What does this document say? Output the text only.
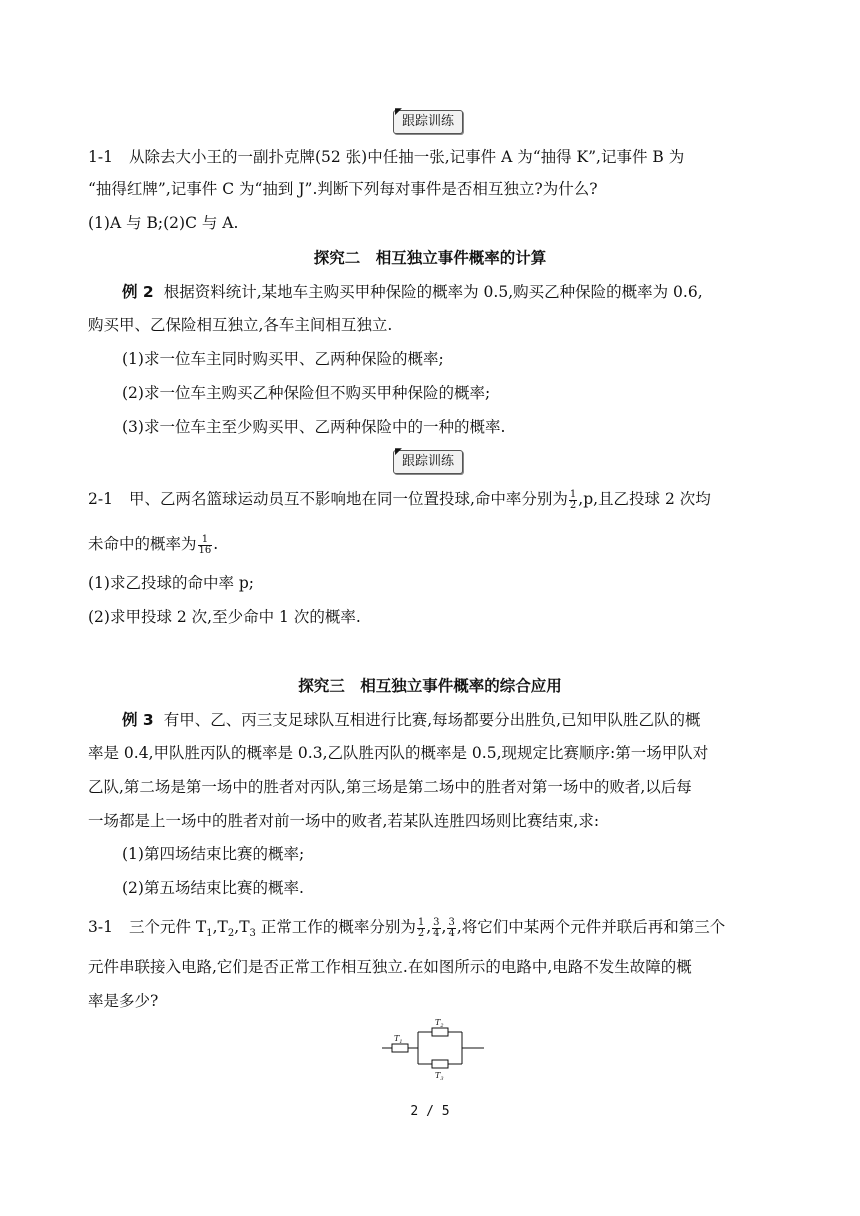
◤
跟踪训练
1-1 从除去大小王的一副扑克牌(52 张)中任抽一张,记事件 A 为“抽得 K”,记事件 B 为
“抽得红牌”,记事件 C 为“抽到 J”.判断下列每对事件是否相互独立?为什么?
(1)A 与 B;(2)C 与 A.
探究二　相互独立事件概率的计算
例 2 根据资料统计,某地车主购买甲种保险的概率为 0.5,购买乙种保险的概率为 0.6,
购买甲、乙保险相互独立,各车主间相互独立.
(1)求一位车主同时购买甲、乙两种保险的概率;
(2)求一位车主购买乙种保险但不购买甲种保险的概率;
(3)求一位车主至少购买甲、乙两种保险中的一种的概率.
◤
跟踪训练
2-1 甲、乙两名篮球运动员互不影响地在同一位置投球,命中率分别为 $\frac{1}{2} ,p$,且乙投球 2 次均
未命中的概率为 $\frac{1}{16}$ .
(1)求乙投球的命中率 p;
(2)求甲投球 2 次,至少命中 1 次的概率.
探究三　相互独立事件概率的综合应用
例 3 有甲、乙、丙三支足球队互相进行比赛,每场都要分出胜负,已知甲队胜乙队的概
率是 0.4,甲队胜丙队的概率是 0.3,乙队胜丙队的概率是 0.5,现规定比赛顺序:第一场甲队对
乙队,第二场是第一场中的胜者对丙队,第三场是第二场中的胜者对第一场中的败者,以后每
一场都是上一场中的胜者对前一场中的败者,若某队连胜四场则比赛结束,求:
(1)第四场结束比赛的概率;
(2)第五场结束比赛的概率.
3-1 三个元件 $T_1,T_2,T_3$ 正常工作的概率分别为 $\frac{1}{2}$ , $\frac{3}{4}$ , $\frac{3}{4}$ ,将它们中某两个元件并联后再和第三个
元件串联接入电路,它们是否正常工作相互独立.在如图所示的电路中,电路不发生故障的概
率是多少?
$T_1$
$T_2$
$T_3$
2 / 5
